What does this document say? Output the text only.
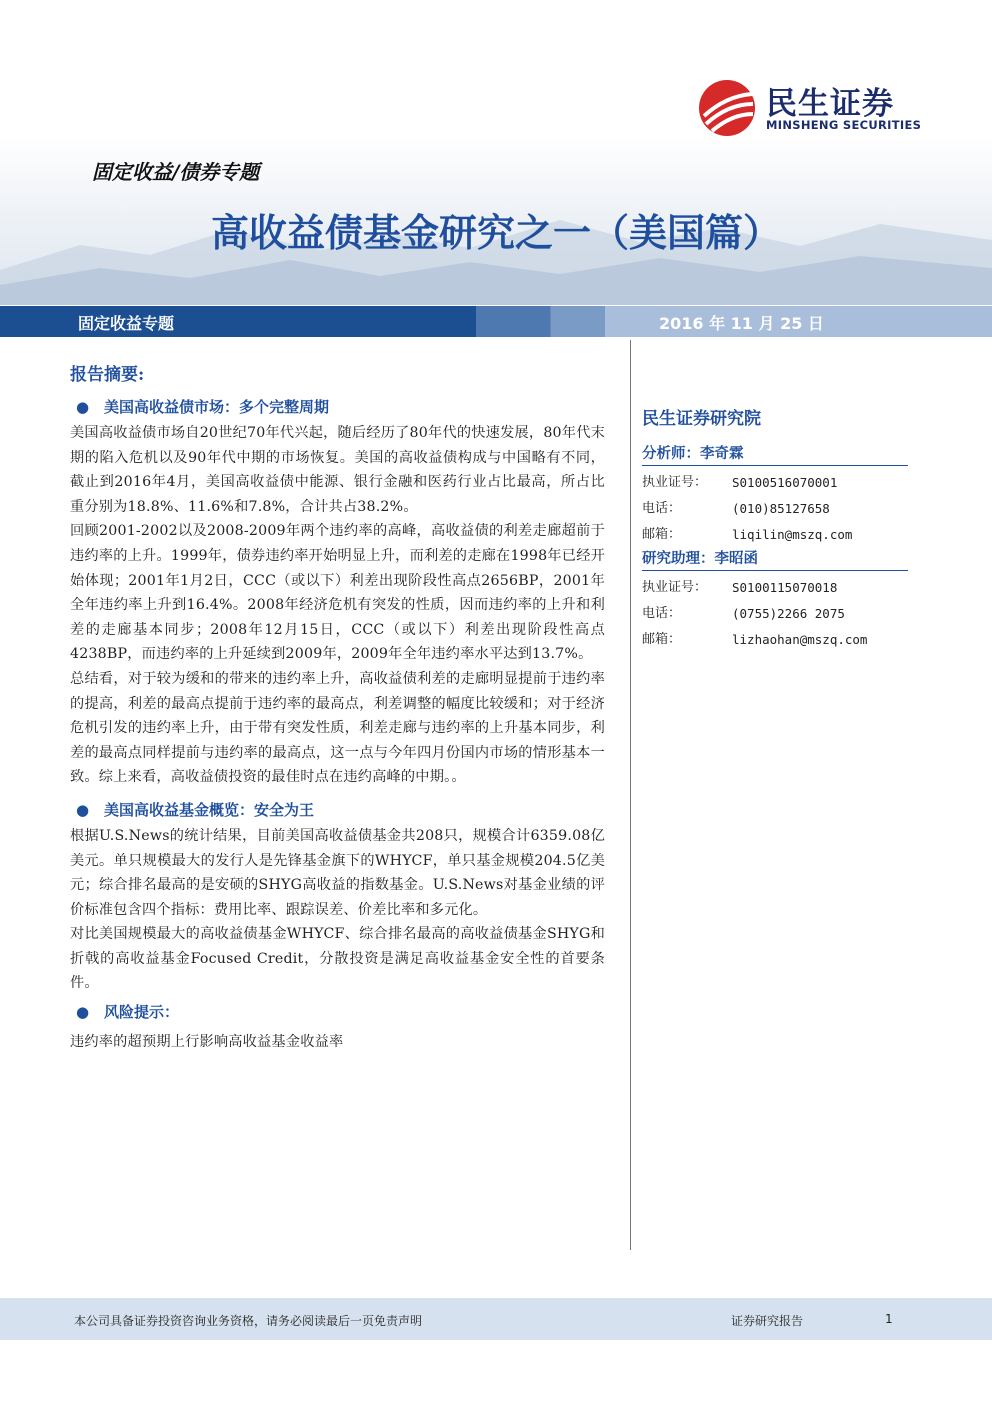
民生证券
MINSHENG SECURITIES
固定收益/债券专题
高收益债基金研究之一（美国篇）
固定收益专题	2016 年 11 月 25 日
报告摘要:
● 美国高收益债市场：多个完整周期

美国高收益债市场自20世纪70年代兴起，随后经历了80年代的快速发展，80年代末期的陷入危机以及90年代中期的市场恢复。美国的高收益债构成与中国略有不同，截止到2016年4月，美国高收益债中能源、银行金融和医药行业占比最高，所占比重分别为18.8%、11.6%和7.8%，合计共占38.2%。

回顾2001-2002以及2008-2009年两个违约率的高峰，高收益债的利差走廊超前于违约率的上升。1999年，债券违约率开始明显上升，而利差的走廊在1998年已经开始体现；2001年1月2日，CCC（或以下）利差出现阶段性高点2656BP，2001年全年违约率上升到16.4%。2008年经济危机有突发的性质，因而违约率的上升和利差的走廊基本同步；2008年12月15日，CCC（或以下）利差出现阶段性高点4238BP，而违约率的上升延续到2009年，2009年全年违约率水平达到13.7%。

总结看，对于较为缓和的带来的违约率上升，高收益债利差的走廊明显提前于违约率的提高，利差的最高点提前于违约率的最高点，利差调整的幅度比较缓和；对于经济危机引发的违约率上升，由于带有突发性质，利差走廊与违约率的上升基本同步，利差的最高点同样提前与违约率的最高点，这一点与今年四月份国内市场的情形基本一致。综上来看，高收益债投资的最佳时点在违约高峰的中期。。

● 美国高收益基金概览：安全为王

根据U.S.News的统计结果，目前美国高收益债基金共208只，规模合计6359.08亿美元。单只规模最大的发行人是先锋基金旗下的WHYCF，单只基金规模204.5亿美元；综合排名最高的是安硕的SHYG高收益的指数基金。U.S.News对基金业绩的评价标准包含四个指标：费用比率、跟踪误差、价差比率和多元化。

对比美国规模最大的高收益债基金WHYCF、综合排名最高的高收益债基金SHYG和折戟的高收益基金Focused Credit，分散投资是满足高收益基金安全性的首要条件。

● 风险提示：

违约率的超预期上行影响高收益基金收益率

民生证券研究院
分析师：李奇霖
执业证号：	S0100516070001
电话：	(010)85127658
邮箱：	liqilin@mszq.com
研究助理：李昭函
执业证号：	S0100115070018
电话：	(0755)2266 2075
邮箱：	lizhaohan@mszq.com
本公司具备证券投资咨询业务资格，请务必阅读最后一页免责声明	证券研究报告	1
